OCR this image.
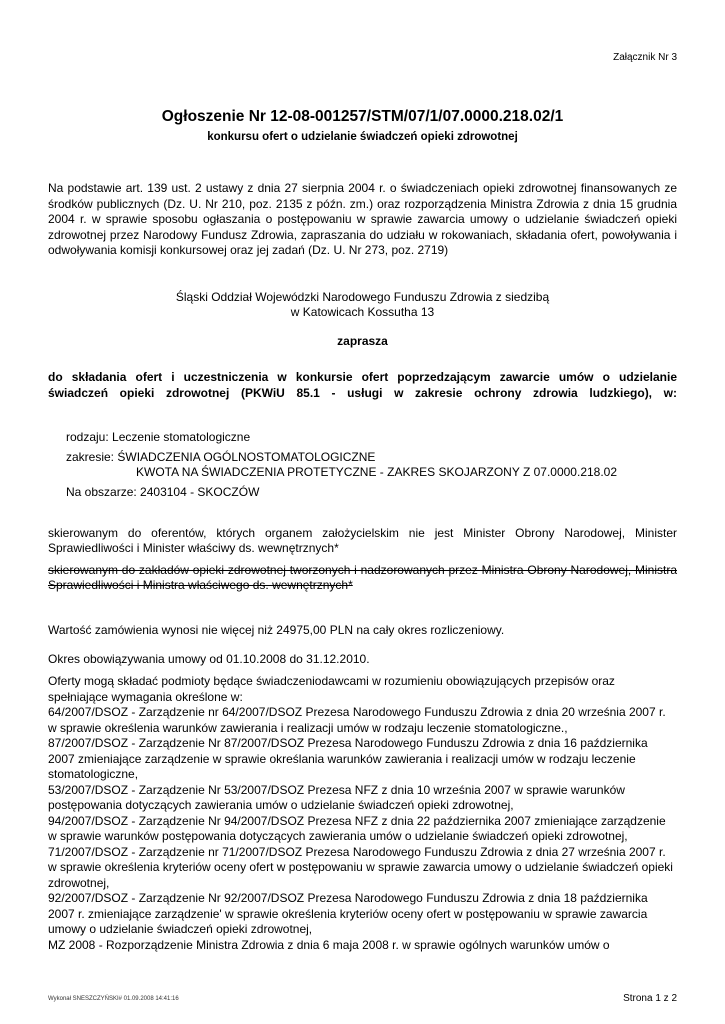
Załącznik Nr 3
Ogłoszenie Nr 12-08-001257/STM/07/1/07.0000.218.02/1
konkursu ofert o udzielanie świadczeń opieki zdrowotnej

Na podstawie art. 139 ust. 2 ustawy z dnia 27 sierpnia 2004 r. o świadczeniach opieki zdrowotnej finansowanych ze środków publicznych (Dz. U. Nr 210, poz. 2135 z późn. zm.) oraz rozporządzenia Ministra Zdrowia z dnia 15 grudnia 2004 r. w sprawie sposobu ogłaszania o postępowaniu w sprawie zawarcia umowy o udzielanie świadczeń opieki zdrowotnej przez Narodowy Fundusz Zdrowia, zapraszania do udziału w rokowaniach, składania ofert, powoływania i odwoływania komisji konkursowej oraz jej zadań (Dz. U. Nr 273, poz. 2719)

Śląski Oddział Wojewódzki Narodowego Funduszu Zdrowia z siedzibą
w Katowicach Kossutha 13
zaprasza
do składania ofert i uczestniczenia w konkursie ofert poprzedzającym zawarcie umów o udzielanie
świadczeń opieki zdrowotnej (PKWiU 85.1 - usługi w zakresie ochrony zdrowia ludzkiego), w:
rodzaju: Leczenie stomatologiczne
zakresie: ŚWIADCZENIA OGÓLNOSTOMATOLOGICZNE
KWOTA NA ŚWIADCZENIA PROTETYCZNE - ZAKRES SKOJARZONY Z 07.0000.218.02
Na obszarze: 2403104 - SKOCZÓW

skierowanym do oferentów, których organem założycielskim nie jest Minister Obrony Narodowej, Minister Sprawiedliwości i Minister właściwy ds. wewnętrznych*

skierowanym do zakładów opieki zdrowotnej tworzonych i nadzorowanych przez Ministra Obrony Narodowej, Ministra Sprawiedliwości i Ministra właściwego ds. wewnętrznych*

Wartość zamówienia wynosi nie więcej niż 24975,00 PLN na cały okres rozliczeniowy.

Okres obowiązywania umowy od 01.10.2008 do 31.12.2010.

Oferty mogą składać podmioty będące świadczeniodawcami w rozumieniu obowiązujących przepisów oraz spełniające wymagania określone w:

64/2007/DSOZ - Zarządzenie nr 64/2007/DSOZ Prezesa Narodowego Funduszu Zdrowia z dnia 20 września 2007 r. w sprawie określenia warunków zawierania i realizacji umów w rodzaju leczenie stomatologiczne.,

87/2007/DSOZ - Zarządzenie Nr 87/2007/DSOZ Prezesa Narodowego Funduszu Zdrowia z dnia 16 października 2007 zmieniające zarządzenie w sprawie określania warunków zawierania i realizacji umów w rodzaju leczenie stomatologiczne,

53/2007/DSOZ - Zarządzenie Nr 53/2007/DSOZ Prezesa NFZ z dnia 10 września 2007 w sprawie warunków postępowania dotyczących zawierania umów o udzielanie świadczeń opieki zdrowotnej,

94/2007/DSOZ - Zarządzenie Nr 94/2007/DSOZ Prezesa NFZ z dnia 22 października 2007 zmieniające zarządzenie w sprawie warunków postępowania dotyczących zawierania umów o udzielanie świadczeń opieki zdrowotnej,

71/2007/DSOZ - Zarządzenie nr 71/2007/DSOZ Prezesa Narodowego Funduszu Zdrowia z dnia 27 września 2007 r. w sprawie określenia kryteriów oceny ofert w postępowaniu w sprawie zawarcia umowy o udzielanie świadczeń opieki zdrowotnej,

92/2007/DSOZ - Zarządzenie Nr 92/2007/DSOZ Prezesa Narodowego Funduszu Zdrowia z dnia 18 października 2007 r. zmieniające zarządzenie' w sprawie określenia kryteriów oceny ofert w postępowaniu w sprawie zawarcia umowy o udzielanie świadczeń opieki zdrowotnej,

MZ 2008 - Rozporządzenie Ministra Zdrowia z dnia 6 maja 2008 r. w sprawie ogólnych warunków umów o

Wykonał SNESZCZYŃSKI# 01.09.2008 14:41:16	Strona 1 z 2
